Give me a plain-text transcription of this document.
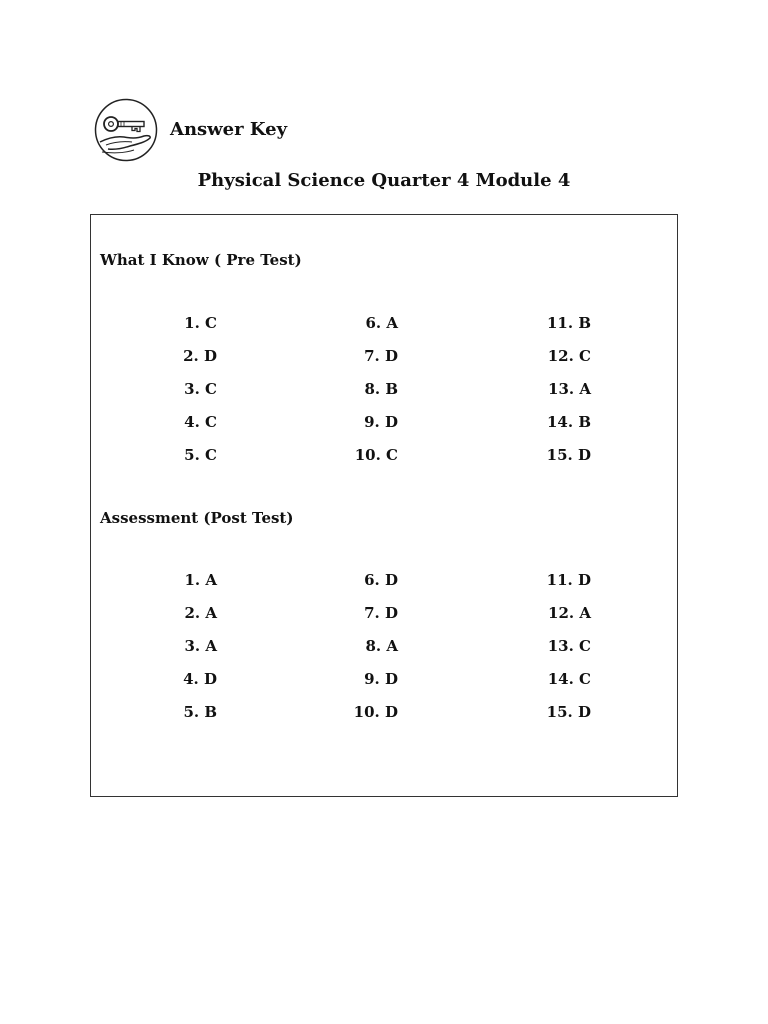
Answer Key
Physical Science Quarter 4 Module 4
What I Know ( Pre Test)
1. C
2. D
3. C
4. C
5. C
6. A
7. D
8. B
9. D
10. C
11. B
12. C
13. A
14. B
15. D
Assessment (Post Test)
1. A
2. A
3. A
4. D
5. B
6. D
7. D
8. A
9. D
10. D
11. D
12. A
13. C
14. C
15. D
